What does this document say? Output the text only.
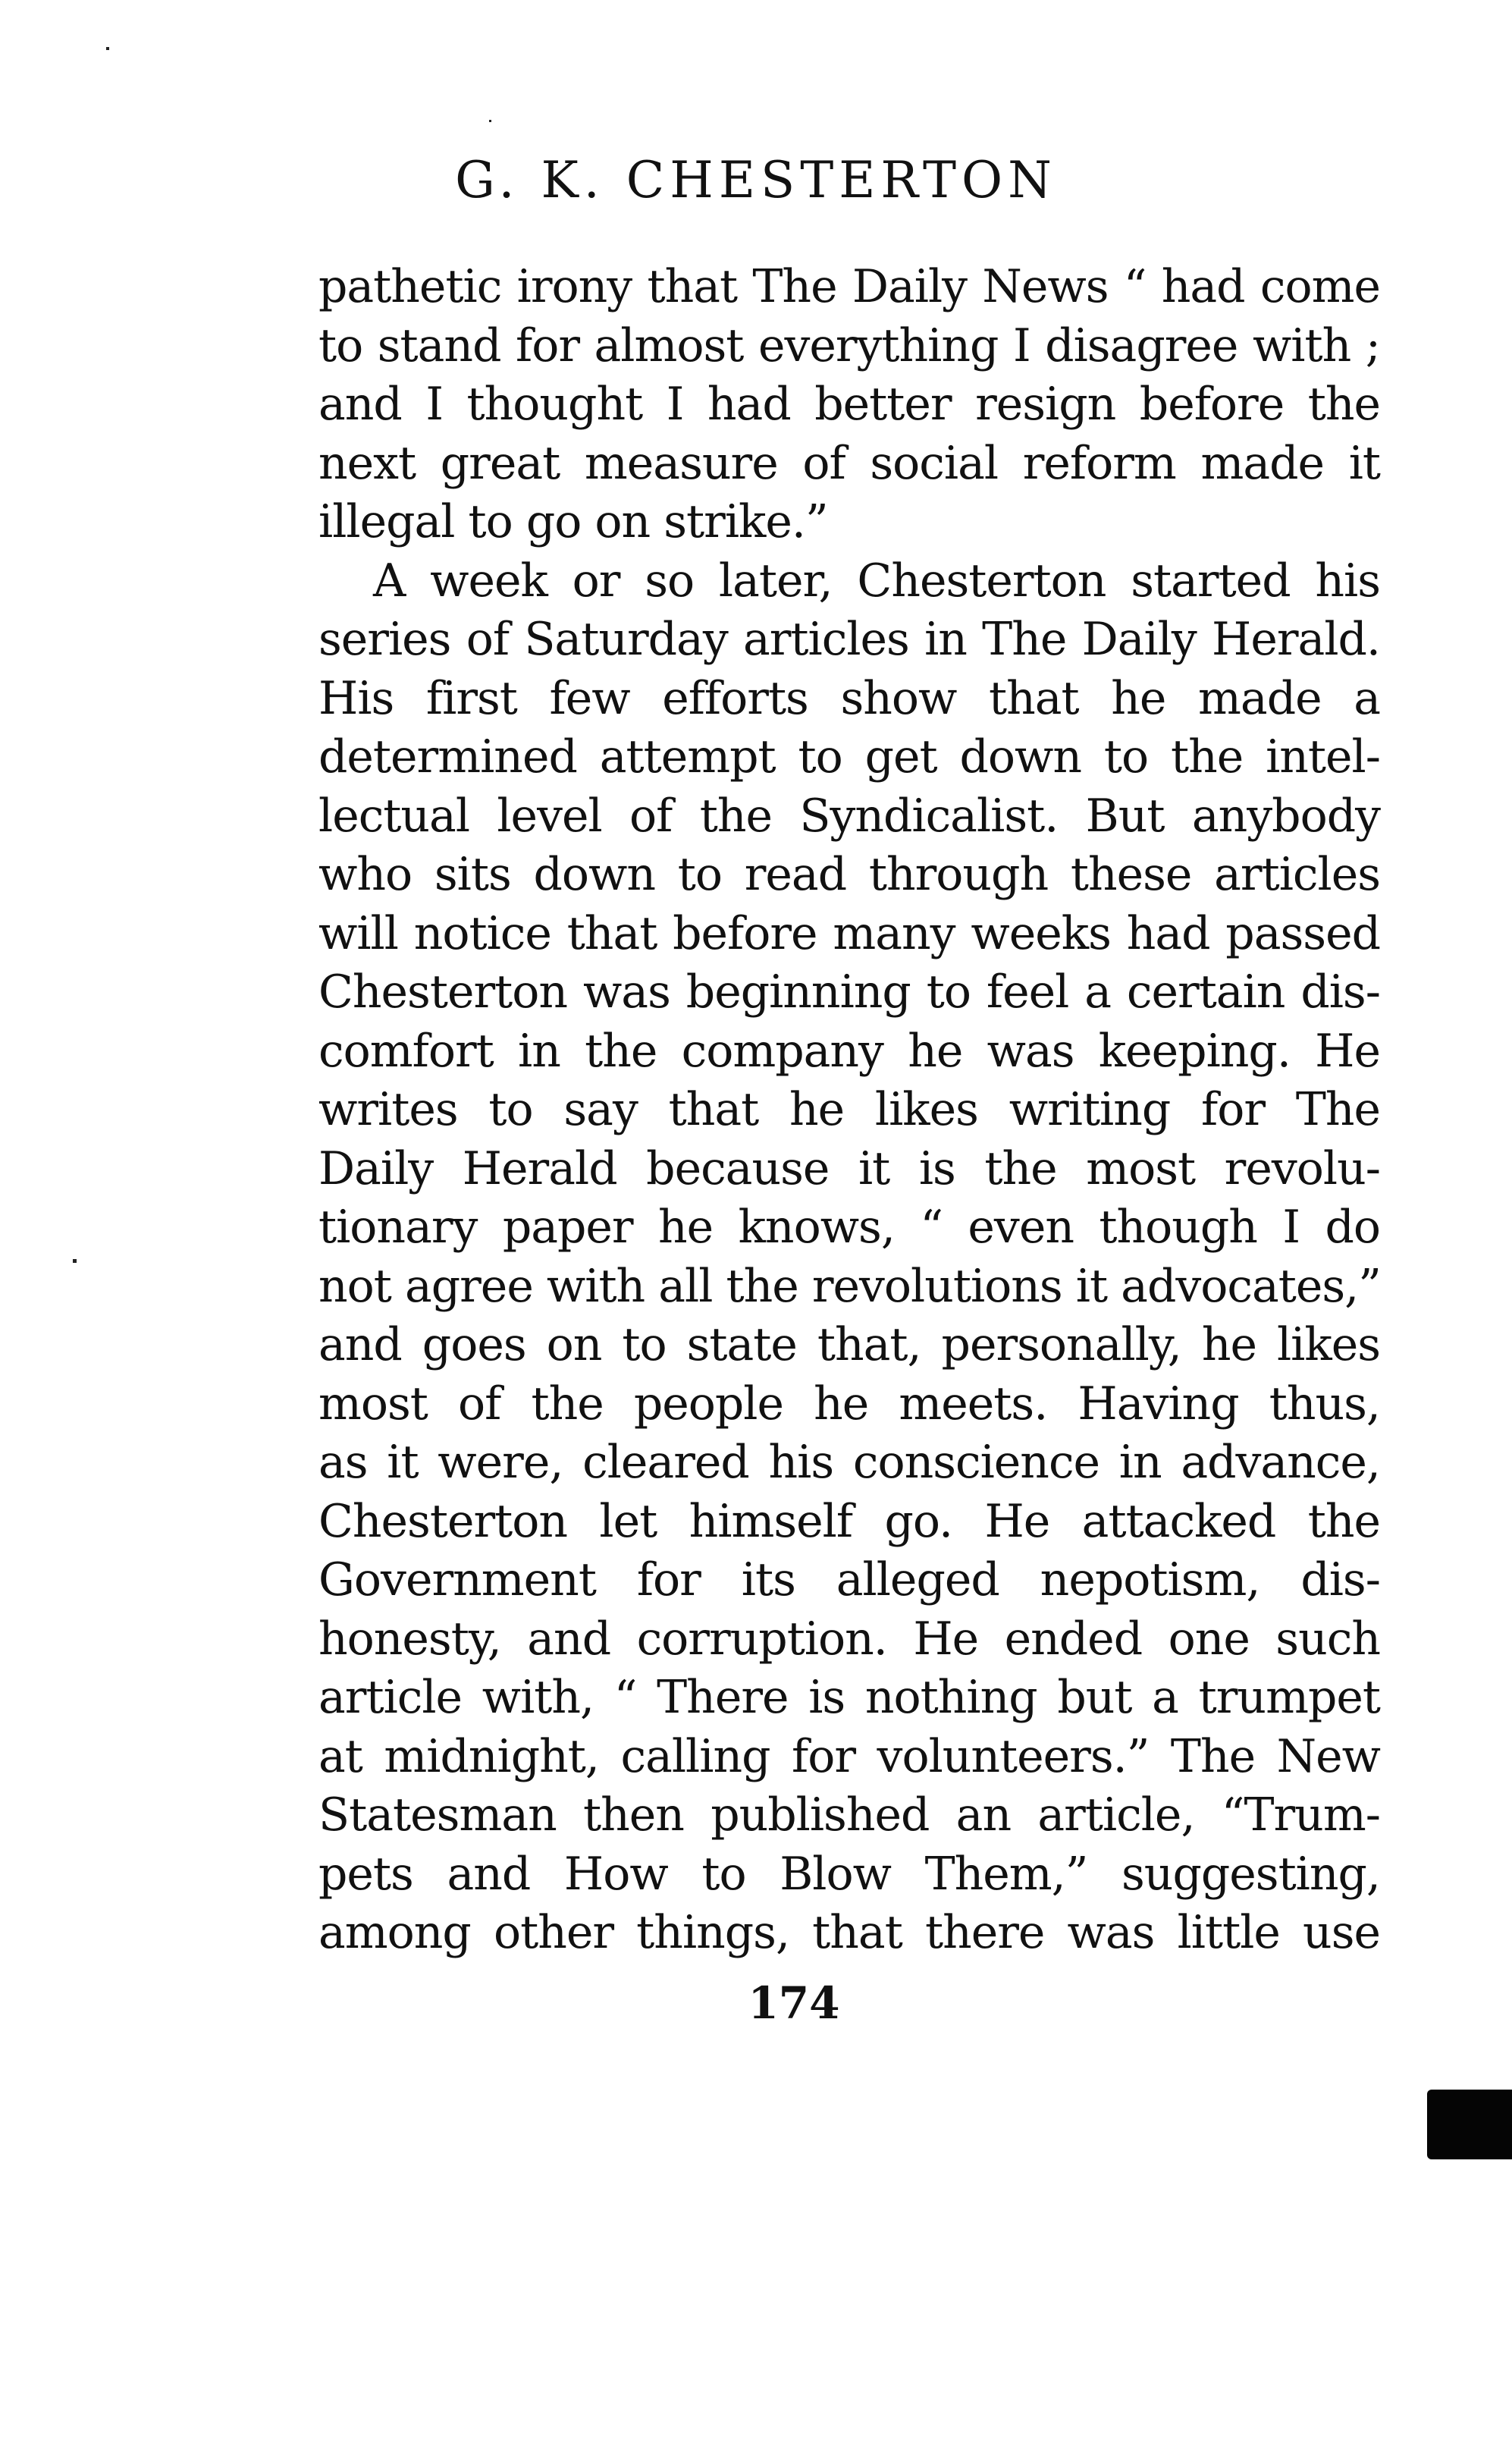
G. K. CHESTERTON
pathetic irony that The Daily News “ had come
to stand for almost everything I disagree with ;
and I thought I had better resign before the
next great measure of social reform made it
illegal to go on strike.”
A week or so later, Chesterton started his
series of Saturday articles in The Daily Herald.
His first few efforts show that he made a
determined attempt to get down to the intel-
lectual level of the Syndicalist. But anybody
who sits down to read through these articles
will notice that before many weeks had passed
Chesterton was beginning to feel a certain dis-
comfort in the company he was keeping. He
writes to say that he likes writing for The
Daily Herald because it is the most revolu-
tionary paper he knows, “ even though I do
not agree with all the revolutions it advocates,”
and goes on to state that, personally, he likes
most of the people he meets. Having thus,
as it were, cleared his conscience in advance,
Chesterton let himself go. He attacked the
Government for its alleged nepotism, dis-
honesty, and corruption. He ended one such
article with, “ There is nothing but a trumpet
at midnight, calling for volunteers.” The New
Statesman then published an article, “Trum-
pets and How to Blow Them,” suggesting,
among other things, that there was little use
174
